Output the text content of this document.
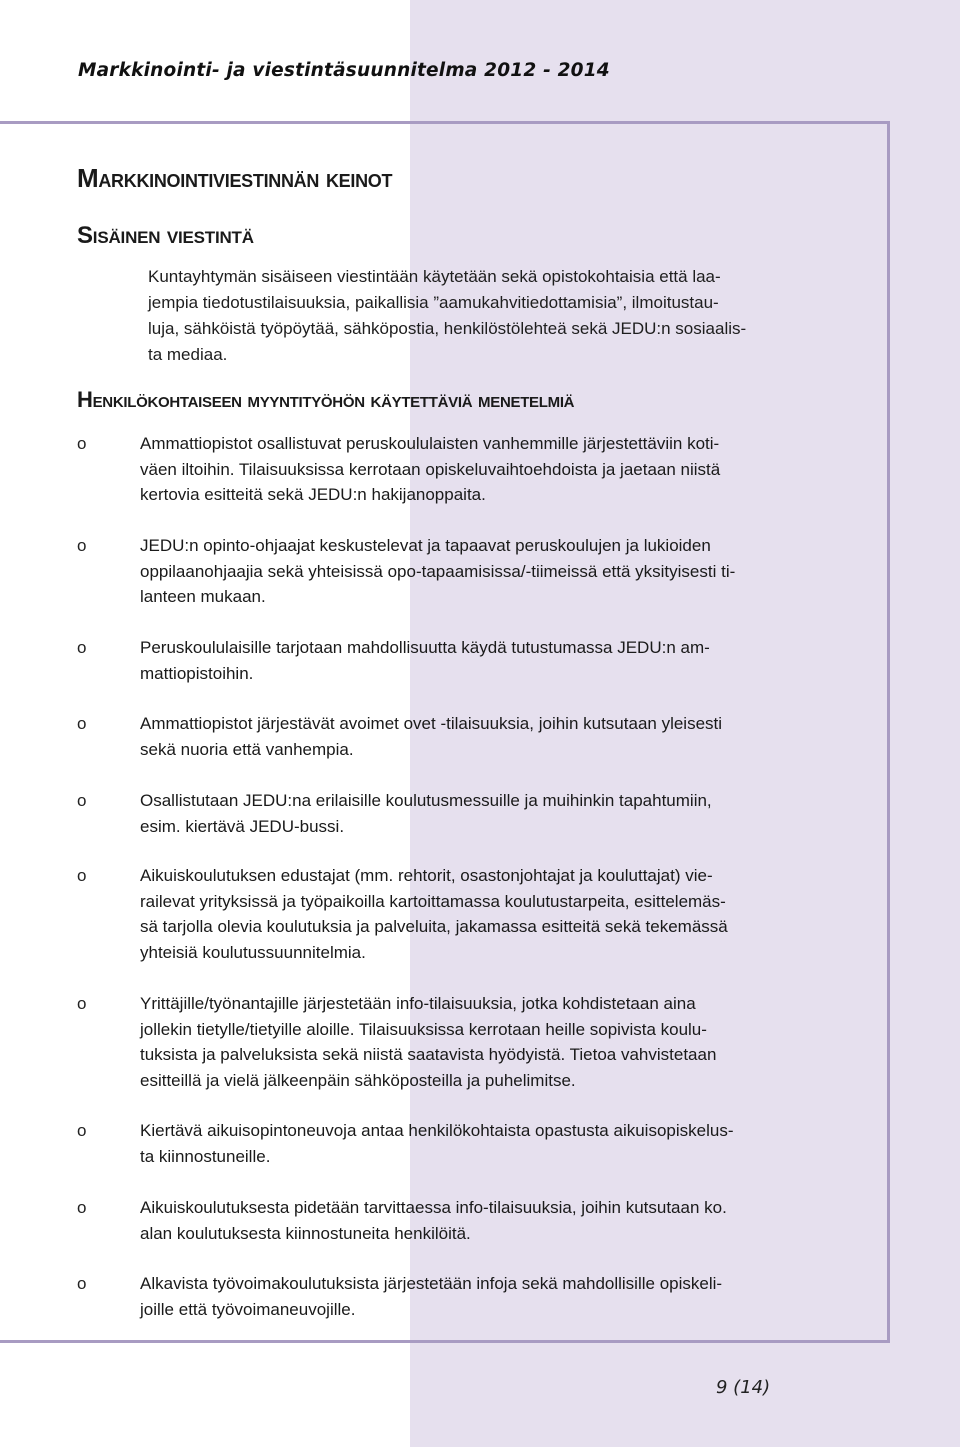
Markkinointi- ja viestintäsuunnitelma 2012 - 2014
Markkinointiviestinnän keinot
Sisäinen viestintä

Kuntayhtymän sisäiseen viestintään käytetään sekä opistokohtaisia että laa-
jempia tiedotustilaisuuksia, paikallisia ”aamukahvitiedottamisia”, ilmoitustau-
luja, sähköistä työpöytää, sähköpostia, henkilöstölehteä sekä JEDU:n sosiaalis-
ta mediaa.

Henkilökohtaiseen myyntityöhön käytettäviä menetelmiä
o	Ammattiopistot osallistuvat peruskoululaisten vanhemmille järjestettäviin koti-
väen iltoihin. Tilaisuuksissa kerrotaan opiskeluvaihtoehdoista ja jaetaan niistä
kertovia esitteitä sekä JEDU:n hakijanoppaita.

o	JEDU:n opinto-ohjaajat keskustelevat ja tapaavat peruskoulujen ja lukioiden
oppilaanohjaajia sekä yhteisissä opo-tapaamisissa/-tiimeissä että yksityisesti ti-
lanteen mukaan.

o	Peruskoululaisille tarjotaan mahdollisuutta käydä tutustumassa JEDU:n am-
mattiopistoihin.

o	Ammattiopistot järjestävät avoimet ovet -tilaisuuksia, joihin kutsutaan yleisesti
sekä nuoria että vanhempia.

o	Osallistutaan JEDU:na erilaisille koulutusmessuille ja muihinkin tapahtumiin,
esim. kiertävä JEDU-bussi.

o	Aikuiskoulutuksen edustajat (mm. rehtorit, osastonjohtajat ja kouluttajat) vie-
railevat yrityksissä ja työpaikoilla kartoittamassa koulutustarpeita, esittelemäs-
sä tarjolla olevia koulutuksia ja palveluita, jakamassa esitteitä sekä tekemässä
yhteisiä koulutussuunnitelmia.

o	Yrittäjille/työnantajille järjestetään info-tilaisuuksia, jotka kohdistetaan aina
jollekin tietylle/tietyille aloille. Tilaisuuksissa kerrotaan heille sopivista koulu-
tuksista ja palveluksista sekä niistä saatavista hyödyistä. Tietoa vahvistetaan
esitteillä ja vielä jälkeenpäin sähköposteilla ja puhelimitse.

o	Kiertävä aikuisopintoneuvoja antaa henkilökohtaista opastusta aikuisopiskelus-
ta kiinnostuneille.

o	Aikuiskoulutuksesta pidetään tarvittaessa info-tilaisuuksia, joihin kutsutaan ko.
alan koulutuksesta kiinnostuneita henkilöitä.

o	Alkavista työvoimakoulutuksista järjestetään infoja sekä mahdollisille opiskeli-
joille että työvoimaneuvojille.

9 (14)
